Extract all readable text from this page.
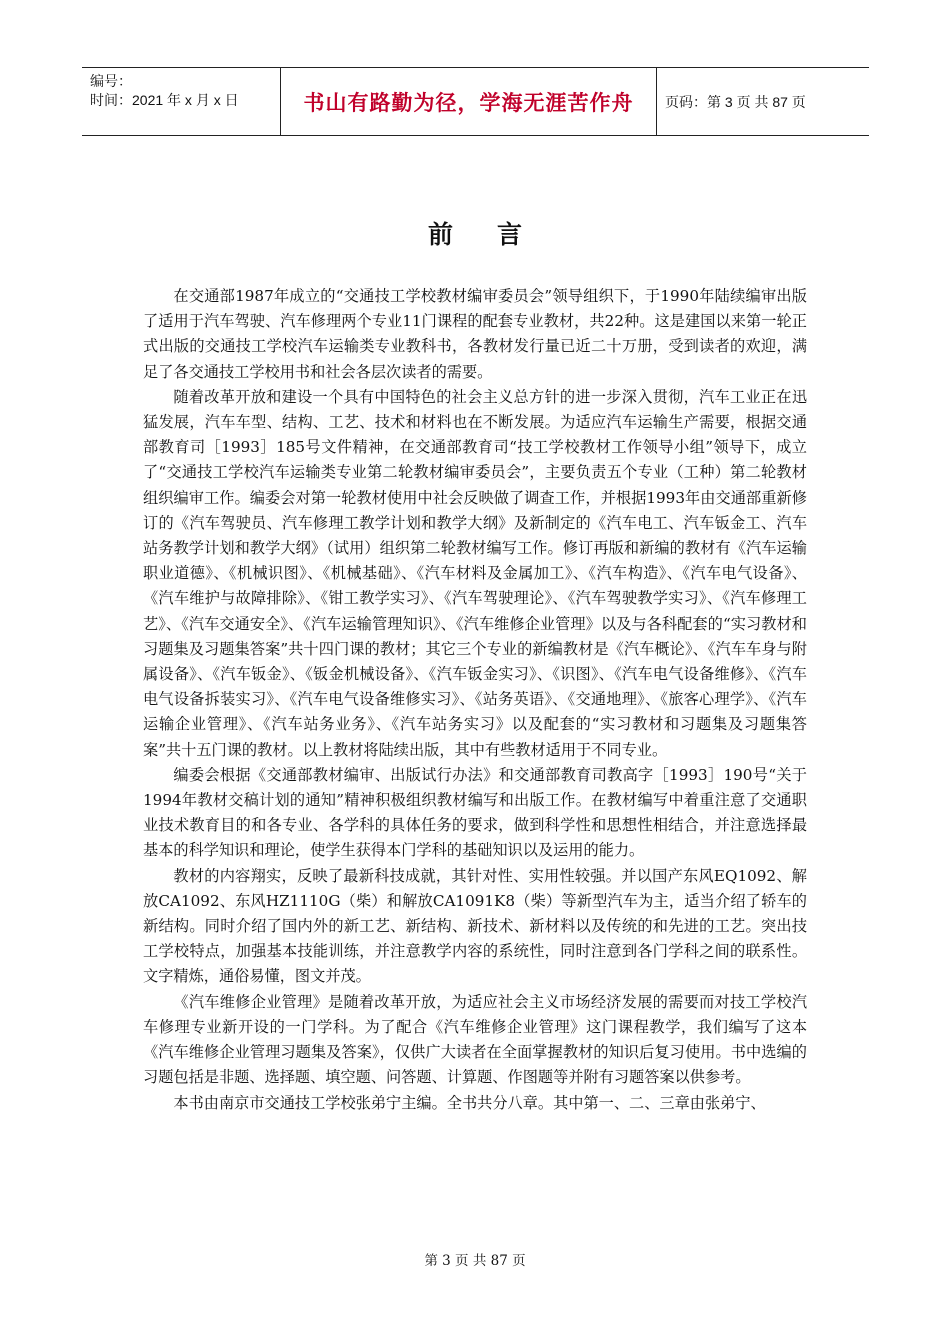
编号：
时间：2021 年 x 月 x 日	书山有路勤为径，学海无涯苦作舟	页码：第 3 页 共 87 页
前言

在交通部1987年成立的“交通技工学校教材编审委员会”领导组织下，于1990年陆续编审出版了适用于汽车驾驶、汽车修理两个专业11门课程的配套专业教材，共22种。这是建国以来第一轮正式出版的交通技工学校汽车运输类专业教科书，各教材发行量已近二十万册，受到读者的欢迎，满足了各交通技工学校用书和社会各层次读者的需要。

随着改革开放和建设一个具有中国特色的社会主义总方针的进一步深入贯彻，汽车工业正在迅猛发展，汽车车型、结构、工艺、技术和材料也在不断发展。为适应汽车运输生产需要，根据交通部教育司［1993］185号文件精神，在交通部教育司“技工学校教材工作领导小组”领导下，成立了“交通技工学校汽车运输类专业第二轮教材编审委员会”，主要负责五个专业（工种）第二轮教材组织编审工作。编委会对第一轮教材使用中社会反映做了调查工作，并根据1993年由交通部重新修订的《汽车驾驶员、汽车修理工教学计划和教学大纲》及新制定的《汽车电工、汽车钣金工、汽车站务教学计划和教学大纲》（试用）组织第二轮教材编写工作。修订再版和新编的教材有《汽车运输职业道德》、《机械识图》、《机械基础》、《汽车材料及金属加工》、《汽车构造》、《汽车电气设备》、《汽车维护与故障排除》、《钳工教学实习》、《汽车驾驶理论》、《汽车驾驶教学实习》、《汽车修理工艺》、《汽车交通安全》、《汽车运输管理知识》、《汽车维修企业管理》以及与各科配套的“实习教材和习题集及习题集答案”共十四门课的教材；其它三个专业的新编教材是《汽车概论》、《汽车车身与附属设备》、《汽车钣金》、《钣金机械设备》、《汽车钣金实习》、《识图》、《汽车电气设备维修》、《汽车电气设备拆装实习》、《汽车电气设备维修实习》、《站务英语》、《交通地理》、《旅客心理学》、《汽车运输企业管理》、《汽车站务业务》、《汽车站务实习》以及配套的“实习教材和习题集及习题集答案”共十五门课的教材。以上教材将陆续出版，其中有些教材适用于不同专业。

编委会根据《交通部教材编审、出版试行办法》和交通部教育司教高字［1993］190号“关于1994年教材交稿计划的通知”精神积极组织教材编写和出版工作。在教材编写中着重注意了交通职业技术教育目的和各专业、各学科的具体任务的要求，做到科学性和思想性相结合，并注意选择最基本的科学知识和理论，使学生获得本门学科的基础知识以及运用的能力。

教材的内容翔实，反映了最新科技成就，其针对性、实用性较强。并以国产东风EQ1092、解放CA1092、东风HZ1110G（柴）和解放CA1091K8（柴）等新型汽车为主，适当介绍了轿车的新结构。同时介绍了国内外的新工艺、新结构、新技术、新材料以及传统的和先进的工艺。突出技工学校特点，加强基本技能训练，并注意教学内容的系统性，同时注意到各门学科之间的联系性。文字精炼，通俗易懂，图文并茂。

《汽车维修企业管理》是随着改革开放，为适应社会主义市场经济发展的需要而对技工学校汽车修理专业新开设的一门学科。为了配合《汽车维修企业管理》这门课程教学，我们编写了这本《汽车维修企业管理习题集及答案》，仅供广大读者在全面掌握教材的知识后复习使用。书中选编的习题包括是非题、选择题、填空题、问答题、计算题、作图题等并附有习题答案以供参考。

本书由南京市交通技工学校张弟宁主编。全书共分八章。其中第一、二、三章由张弟宁、

第 3 页 共 87 页
